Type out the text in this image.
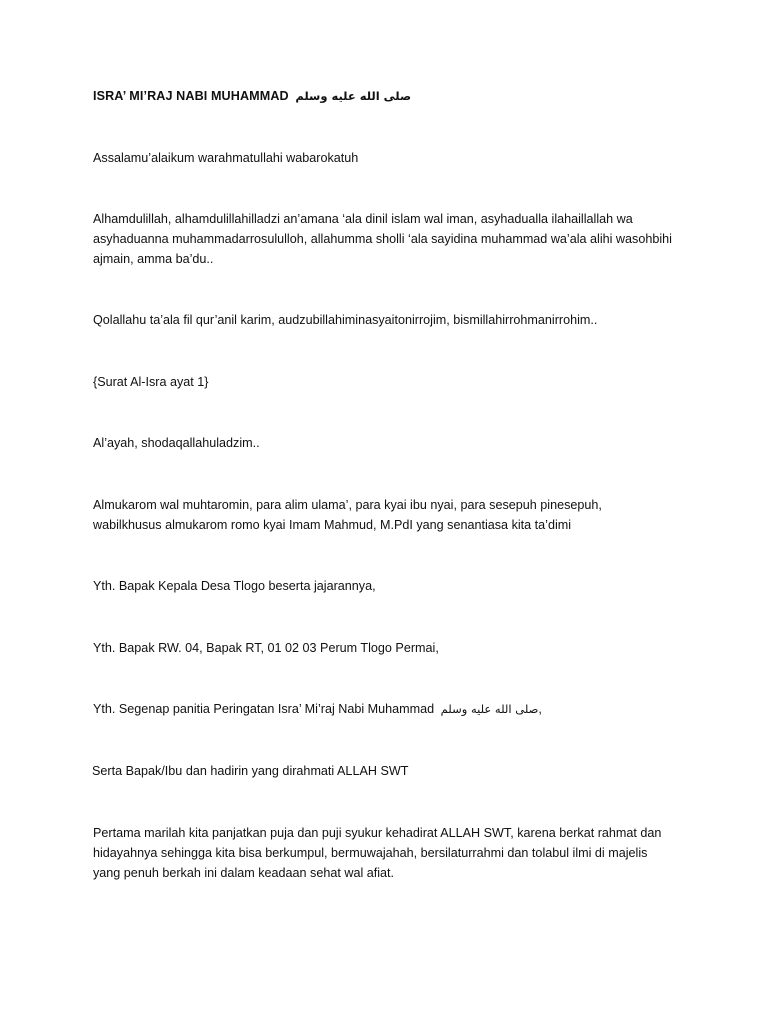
ISRA’ MI’RAJ NABI MUHAMMAD صلى الله عليه وسلم

Assalamu’alaikum warahmatullahi wabarokatuh

Alhamdulillah, alhamdulillahilladzi an’amana ‘ala dinil islam wal iman, asyhadualla ilahaillallah wa asyhaduanna muhammadarrosululloh, allahumma sholli ‘ala sayidina muhammad wa’ala alihi wasohbihi ajmain, amma ba’du..

Qolallahu ta’ala fil qur’anil karim, audzubillahiminasyaitonirrojim, bismillahirrohmanirrohim..

{Surat Al-Isra ayat 1}

Al’ayah, shodaqallahuladzim..

Almukarom wal muhtaromin, para alim ulama’, para kyai ibu nyai, para sesepuh pinesepuh, wabilkhusus almukarom romo kyai Imam Mahmud, M.PdI yang senantiasa kita ta’dimi

Yth. Bapak Kepala Desa Tlogo beserta jajarannya,

Yth. Bapak RW. 04, Bapak RT, 01 02 03 Perum Tlogo Permai,

Yth. Segenap panitia Peringatan Isra’ Mi’raj Nabi Muhammad صلى الله عليه وسلم,

Serta Bapak/Ibu dan hadirin yang dirahmati ALLAH SWT

Pertama marilah kita panjatkan puja dan puji syukur kehadirat ALLAH SWT, karena berkat rahmat dan hidayahnya sehingga kita bisa berkumpul, bermuwajahah, bersilaturrahmi dan tolabul ilmi di majelis yang penuh berkah ini dalam keadaan sehat wal afiat.
